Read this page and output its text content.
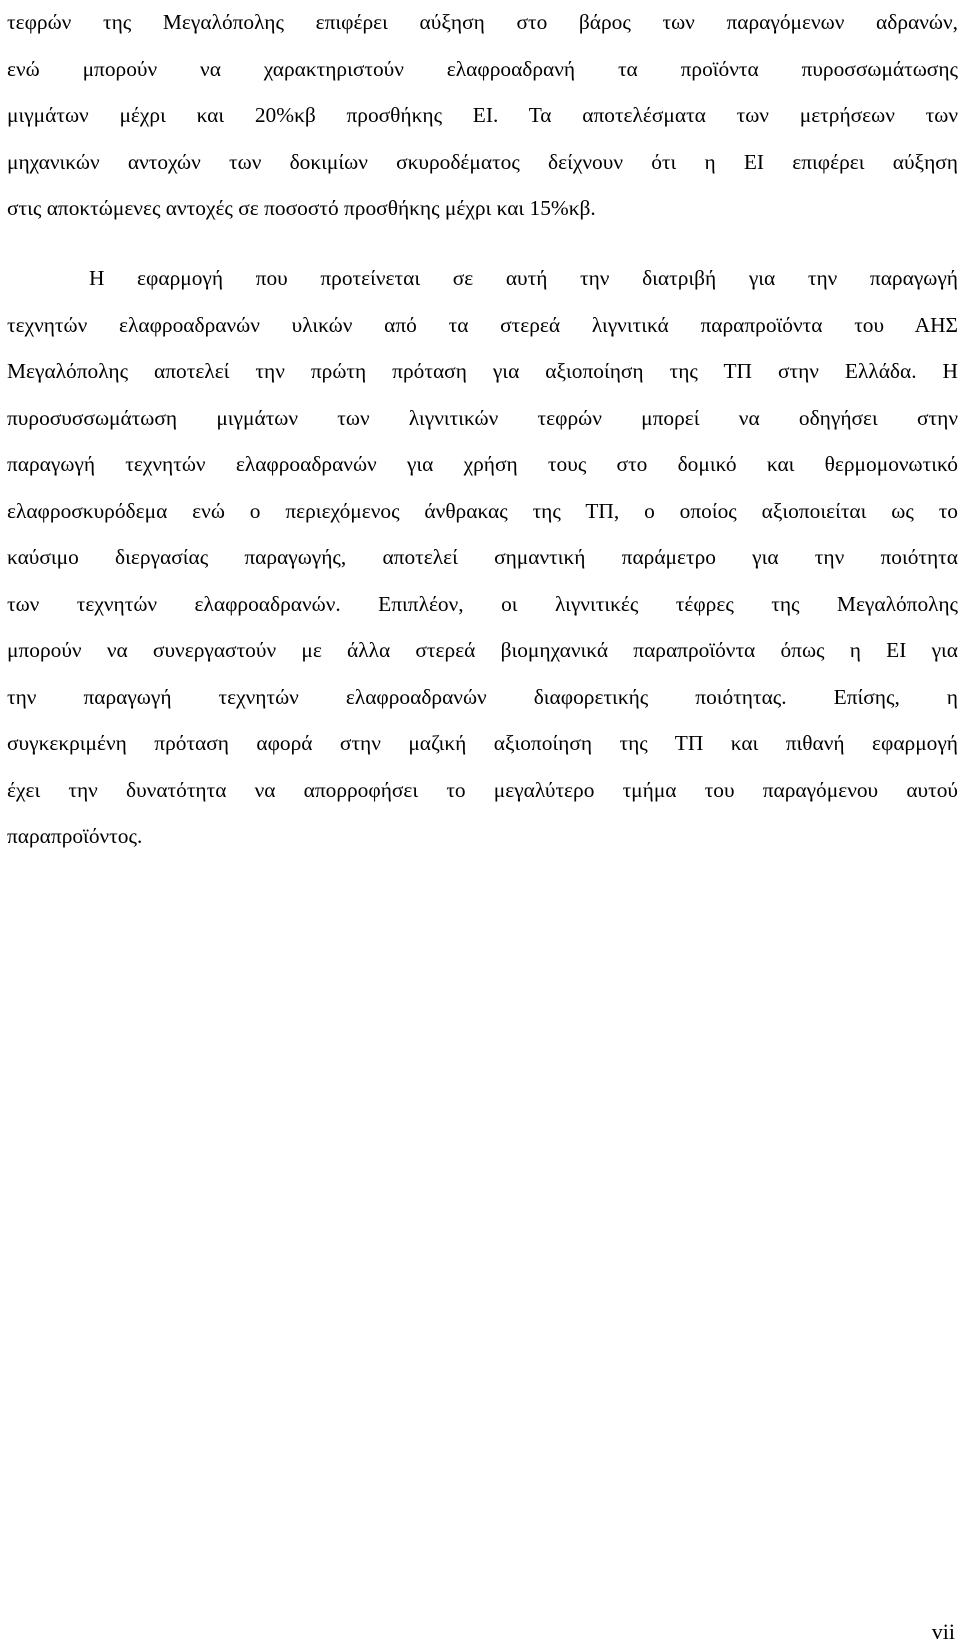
τεφρών της Μεγαλόπολης επιφέρει αύξηση στο βάρος των παραγόμενων αδρανών,
ενώ μπορούν να χαρακτηριστούν ελαφροαδρανή τα προϊόντα πυροσσωμάτωσης
μιγμάτων μέχρι και 20%κβ προσθήκης ΕΙ. Τα αποτελέσματα των μετρήσεων των
μηχανικών αντοχών των δοκιμίων σκυροδέματος δείχνουν ότι η ΕΙ επιφέρει αύξηση
στις αποκτώμενες αντοχές σε ποσοστό προσθήκης μέχρι και 15%κβ.
Η εφαρμογή που προτείνεται σε αυτή την διατριβή για την παραγωγή
τεχνητών ελαφροαδρανών υλικών από τα στερεά λιγνιτικά παραπροϊόντα του ΑΗΣ
Μεγαλόπολης αποτελεί την πρώτη πρόταση για αξιοποίηση της ΤΠ στην Ελλάδα. Η
πυροσυσσωμάτωση μιγμάτων των λιγνιτικών τεφρών μπορεί να οδηγήσει στην
παραγωγή τεχνητών ελαφροαδρανών για χρήση τους στο δομικό και θερμομονωτικό
ελαφροσκυρόδεμα ενώ ο περιεχόμενος άνθρακας της ΤΠ, ο οποίος αξιοποιείται ως το
καύσιμο διεργασίας παραγωγής, αποτελεί σημαντική παράμετρο για την ποιότητα
των τεχνητών ελαφροαδρανών. Επιπλέον, οι λιγνιτικές τέφρες της Μεγαλόπολης
μπορούν να συνεργαστούν με άλλα στερεά βιομηχανικά παραπροϊόντα όπως η ΕΙ για
την παραγωγή τεχνητών ελαφροαδρανών διαφορετικής ποιότητας. Επίσης, η
συγκεκριμένη πρόταση αφορά στην μαζική αξιοποίηση της ΤΠ και πιθανή εφαρμογή
έχει την δυνατότητα να απορροφήσει το μεγαλύτερο τμήμα του παραγόμενου αυτού
παραπροϊόντος.
vii
